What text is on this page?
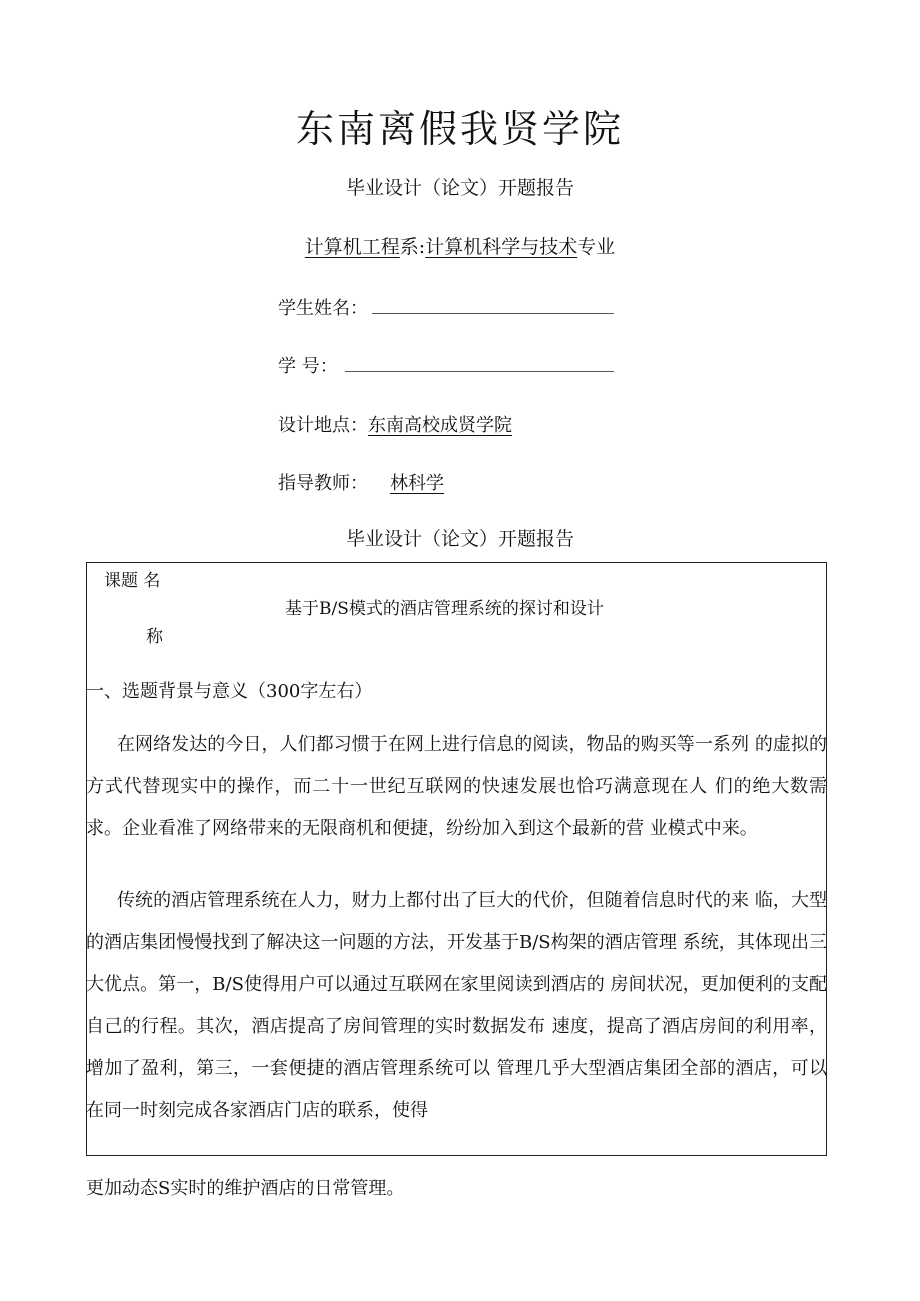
东南离假我贤学院
毕业设计（论文）开题报告
计算机工程系:计算机科学与技术专业
学生姓名：
学 号：
设计地点：东南高校成贤学院
指导教师： 林科学
毕业设计（论文）开题报告
课题 名
称
基于B/S模式的酒店管理系统的探讨和设计
一、选题背景与意义（300字左右）

在网络发达的今日，人们都习惯于在网上进行信息的阅读，物品的购买等一系列 的虚拟的方式代替现实中的操作，而二十一世纪互联网的快速发展也恰巧满意现在人 们的绝大数需求。企业看准了网络带来的无限商机和便捷，纷纷加入到这个最新的营 业模式中来。

传统的酒店管理系统在人力，财力上都付出了巨大的代价，但随着信息时代的来 临，大型的酒店集团慢慢找到了解决这一问题的方法，开发基于B/S构架的酒店管理 系统，其体现出三大优点。第一，B/S使得用户可以通过互联网在家里阅读到酒店的 房间状况，更加便利的支配自己的行程。其次，酒店提高了房间管理的实时数据发布 速度，提高了酒店房间的利用率，增加了盈利，第三，一套便捷的酒店管理系统可以 管理几乎大型酒店集团全部的酒店，可以在同一时刻完成各家酒店门店的联系，使得

更加动态S实时的维护酒店的日常管理。
